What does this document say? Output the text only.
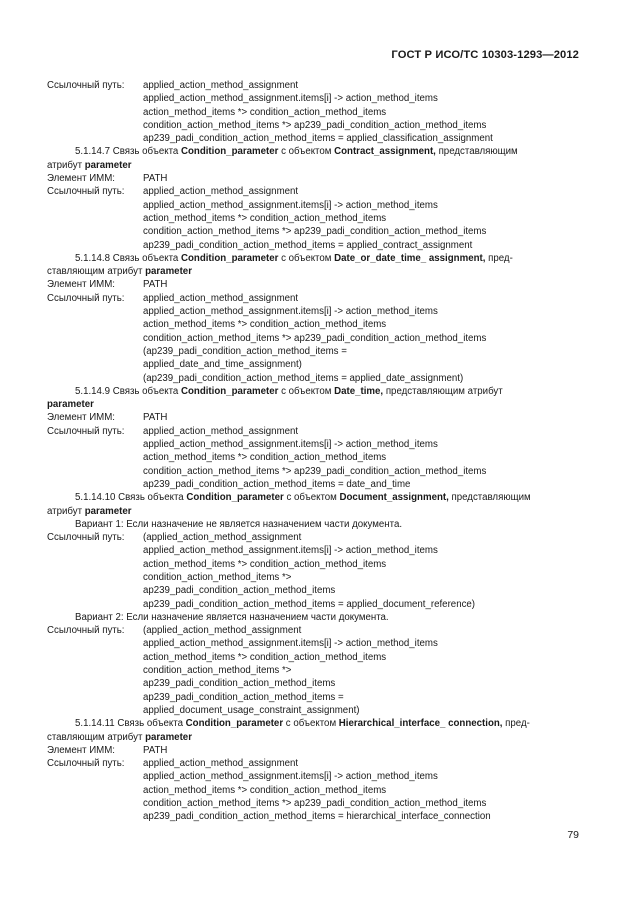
ГОСТ Р ИСО/ТС 10303-1293—2012
Ссылочный путь:	applied_action_method_assignment
applied_action_method_assignment.items[i] -> action_method_items
action_method_items *> condition_action_method_items
condition_action_method_items *> ap239_padi_condition_action_method_items
ap239_padi_condition_action_method_items = applied_classification_assignment
5.1.14.7 Связь объекта Condition_parameter с объектом Contract_assignment, представляющим
атрибут parameter
Элемент ИММ:	PATH
Ссылочный путь:	applied_action_method_assignment
applied_action_method_assignment.items[i] -> action_method_items
action_method_items *> condition_action_method_items
condition_action_method_items *> ap239_padi_condition_action_method_items
ap239_padi_condition_action_method_items = applied_contract_assignment
5.1.14.8 Связь объекта Condition_parameter с объектом Date_or_date_time_ assignment, пред-
ставляющим атрибут parameter
Элемент ИММ:	PATH
Ссылочный путь:	applied_action_method_assignment
applied_action_method_assignment.items[i] -> action_method_items
action_method_items *> condition_action_method_items
condition_action_method_items *> ap239_padi_condition_action_method_items
(ap239_padi_condition_action_method_items =
applied_date_and_time_assignment)
(ap239_padi_condition_action_method_items = applied_date_assignment)
5.1.14.9 Связь объекта Condition_parameter с объектом Date_time, представляющим атрибут
parameter
Элемент ИММ:	PATH
Ссылочный путь:	applied_action_method_assignment
applied_action_method_assignment.items[i] -> action_method_items
action_method_items *> condition_action_method_items
condition_action_method_items *> ap239_padi_condition_action_method_items
ap239_padi_condition_action_method_items = date_and_time
5.1.14.10 Связь объекта Condition_parameter с объектом Document_assignment, представляющим
атрибут parameter
Вариант 1: Если назначение не является назначением части документа.
Ссылочный путь:	(applied_action_method_assignment
applied_action_method_assignment.items[i] -> action_method_items
action_method_items *> condition_action_method_items
condition_action_method_items *>
ap239_padi_condition_action_method_items
ap239_padi_condition_action_method_items = applied_document_reference)
Вариант 2: Если назначение является назначением части документа.
Ссылочный путь:	(applied_action_method_assignment
applied_action_method_assignment.items[i] -> action_method_items
action_method_items *> condition_action_method_items
condition_action_method_items *>
ap239_padi_condition_action_method_items
ap239_padi_condition_action_method_items =
applied_document_usage_constraint_assignment)
5.1.14.11 Связь объекта Condition_parameter с объектом Hierarchical_interface_ connection, пред-
ставляющим атрибут parameter
Элемент ИММ:	PATH
Ссылочный путь:	applied_action_method_assignment
applied_action_method_assignment.items[i] -> action_method_items
action_method_items *> condition_action_method_items
condition_action_method_items *> ap239_padi_condition_action_method_items
ap239_padi_condition_action_method_items = hierarchical_interface_connection
79
